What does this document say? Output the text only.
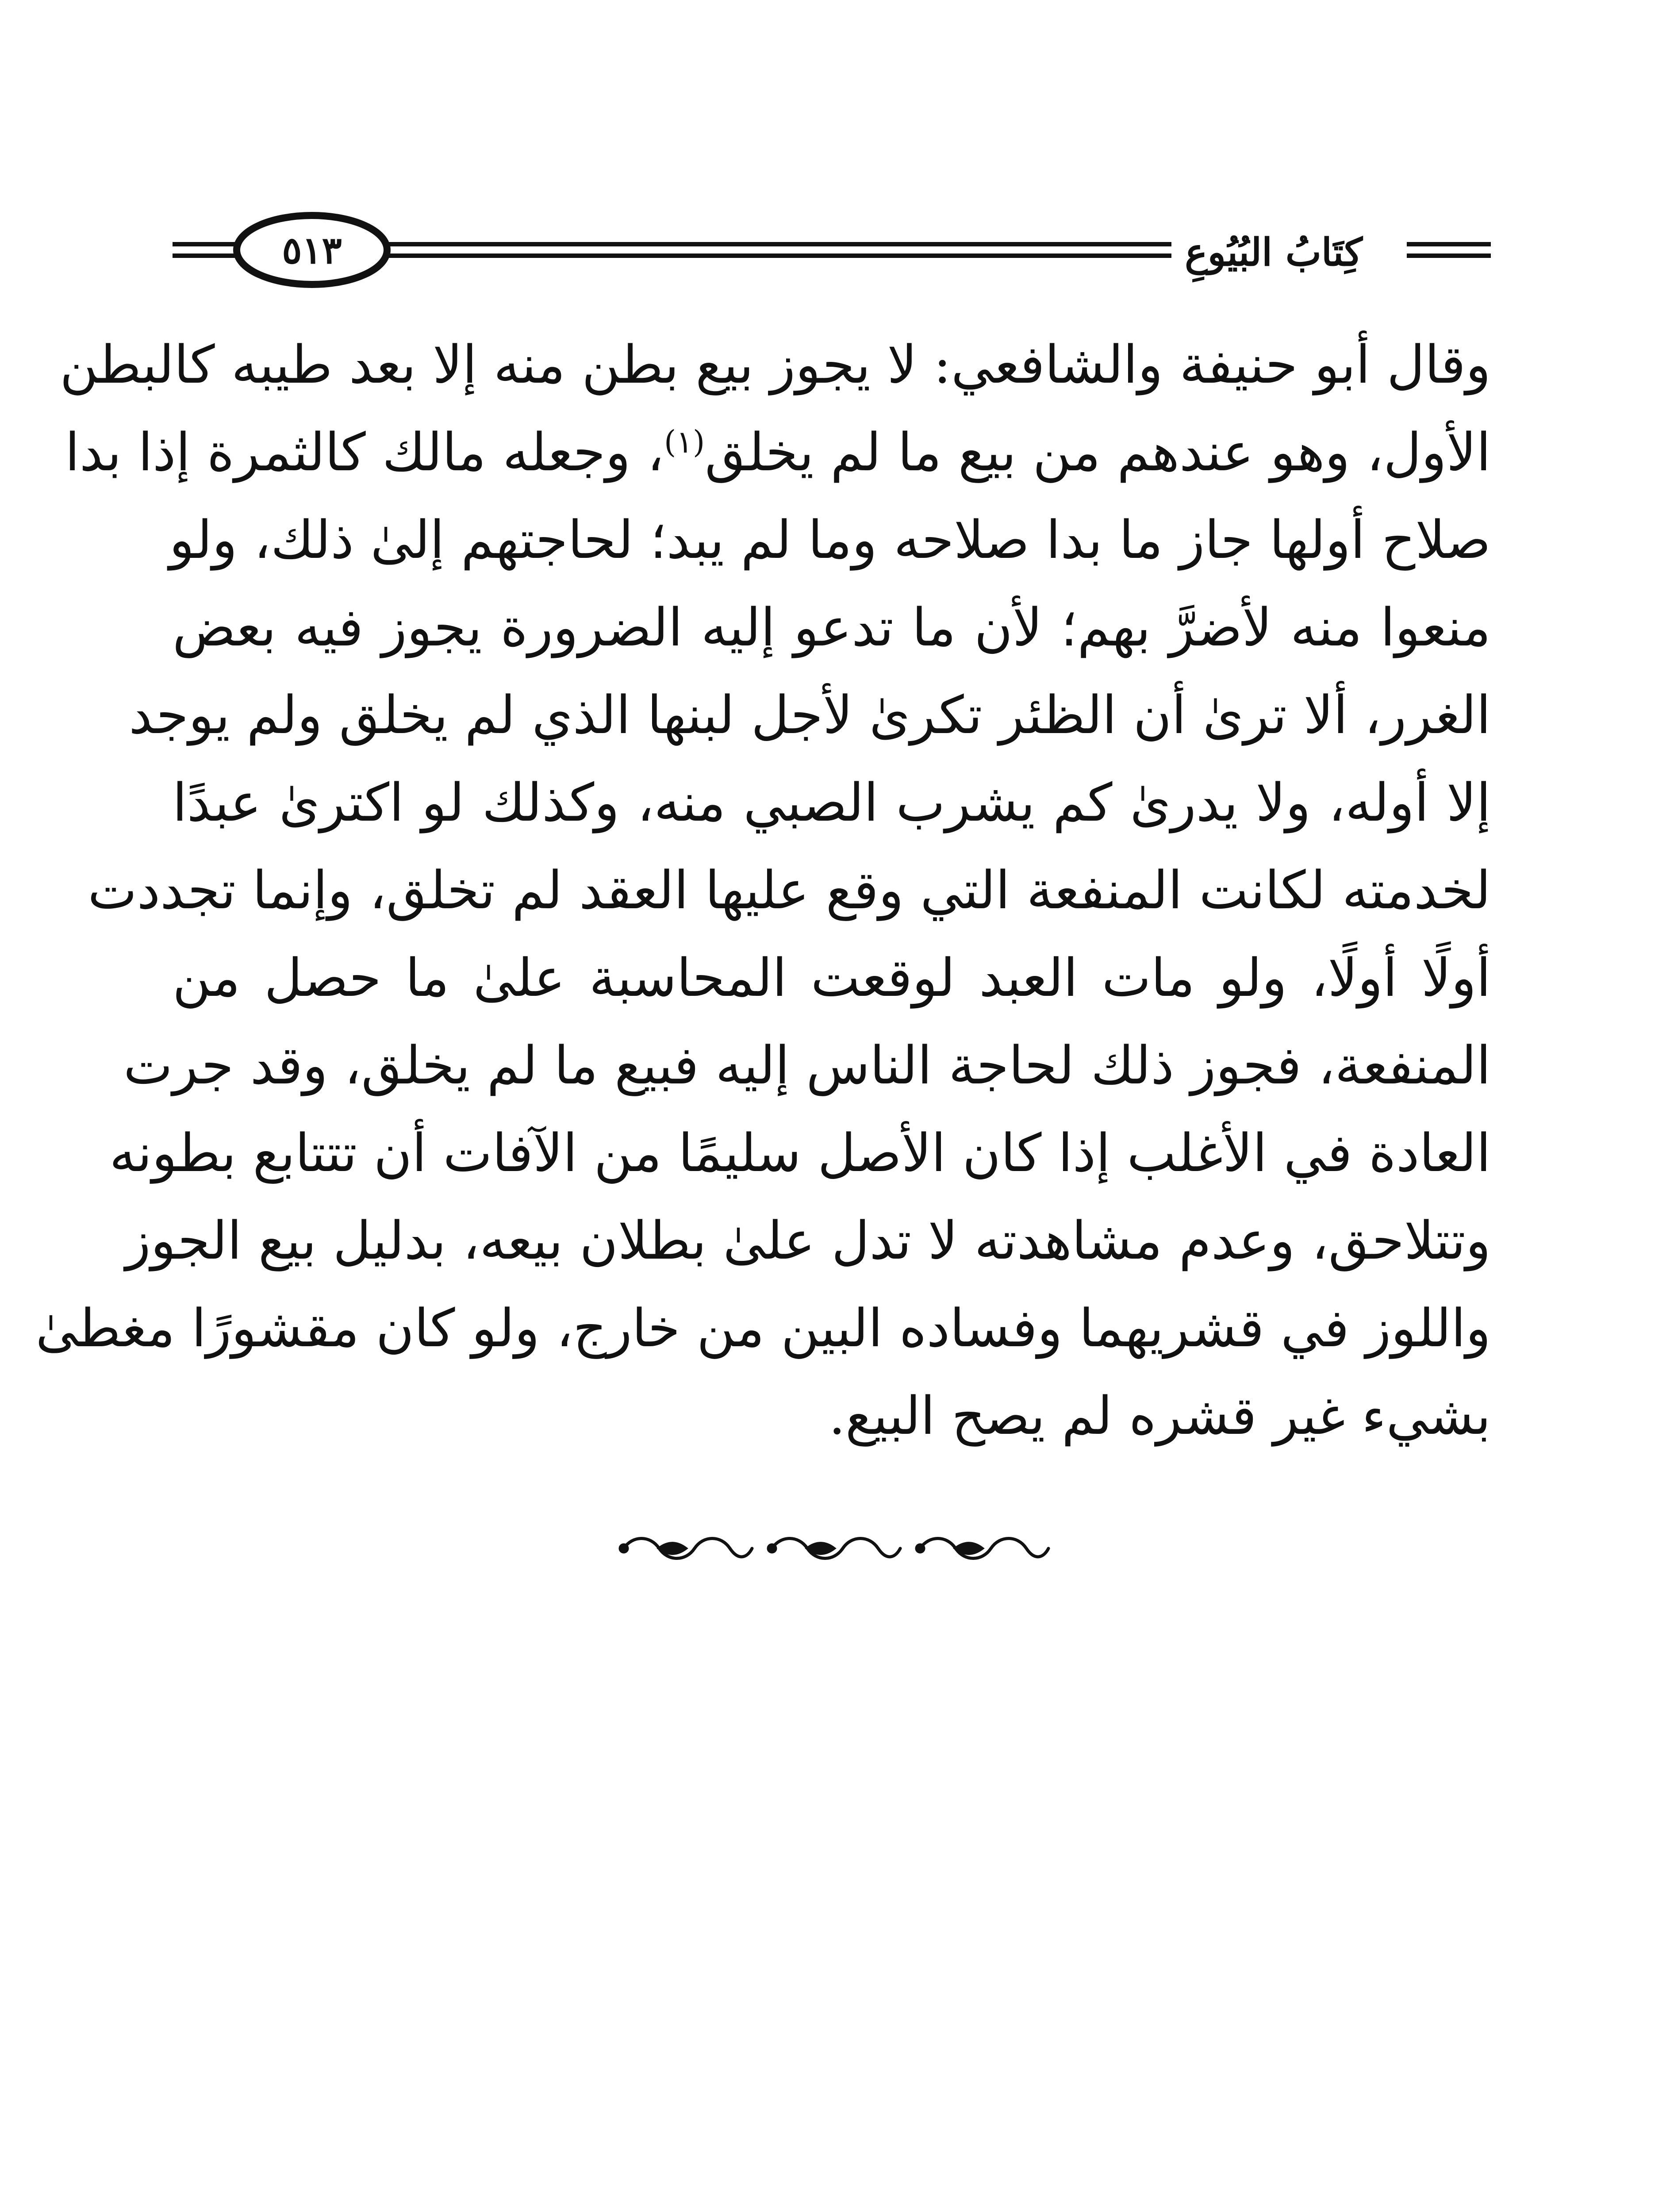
٥١٣	كِتَابُ البُيُوعِ
وقال أبو حنيفة والشافعي: لا يجوز بيع بطن منه إلا بعد طيبه كالبطن
الأول، وهو عندهم من بيع ما لم يخلق$^{(١)}$، وجعله مالك كالثمرة إذا بدا
صلاح أولها جاز ما بدا صلاحه وما لم يبد؛ لحاجتهم إلىٰ ذلك، ولو
منعوا منه لأضرَّ بهم؛ لأن ما تدعو إليه الضرورة يجوز فيه بعض
الغرر، ألا ترىٰ أن الظئر تكرىٰ لأجل لبنها الذي لم يخلق ولم يوجد
إلا أوله، ولا يدرىٰ كم يشرب الصبي منه، وكذلك لو اكترىٰ عبدًا
لخدمته لكانت المنفعة التي وقع عليها العقد لم تخلق، وإنما تجددت
أولًا أولًا، ولو مات العبد لوقعت المحاسبة علىٰ ما حصل من
المنفعة، فجوز ذلك لحاجة الناس إليه فبيع ما لم يخلق، وقد جرت
العادة في الأغلب إذا كان الأصل سليمًا من الآفات أن تتتابع بطونه
وتتلاحق، وعدم مشاهدته لا تدل علىٰ بطلان بيعه، بدليل بيع الجوز
واللوز في قشريهما وفساده البين من خارج، ولو كان مقشورًا مغطىٰ
بشيء غير قشره لم يصح البيع.
